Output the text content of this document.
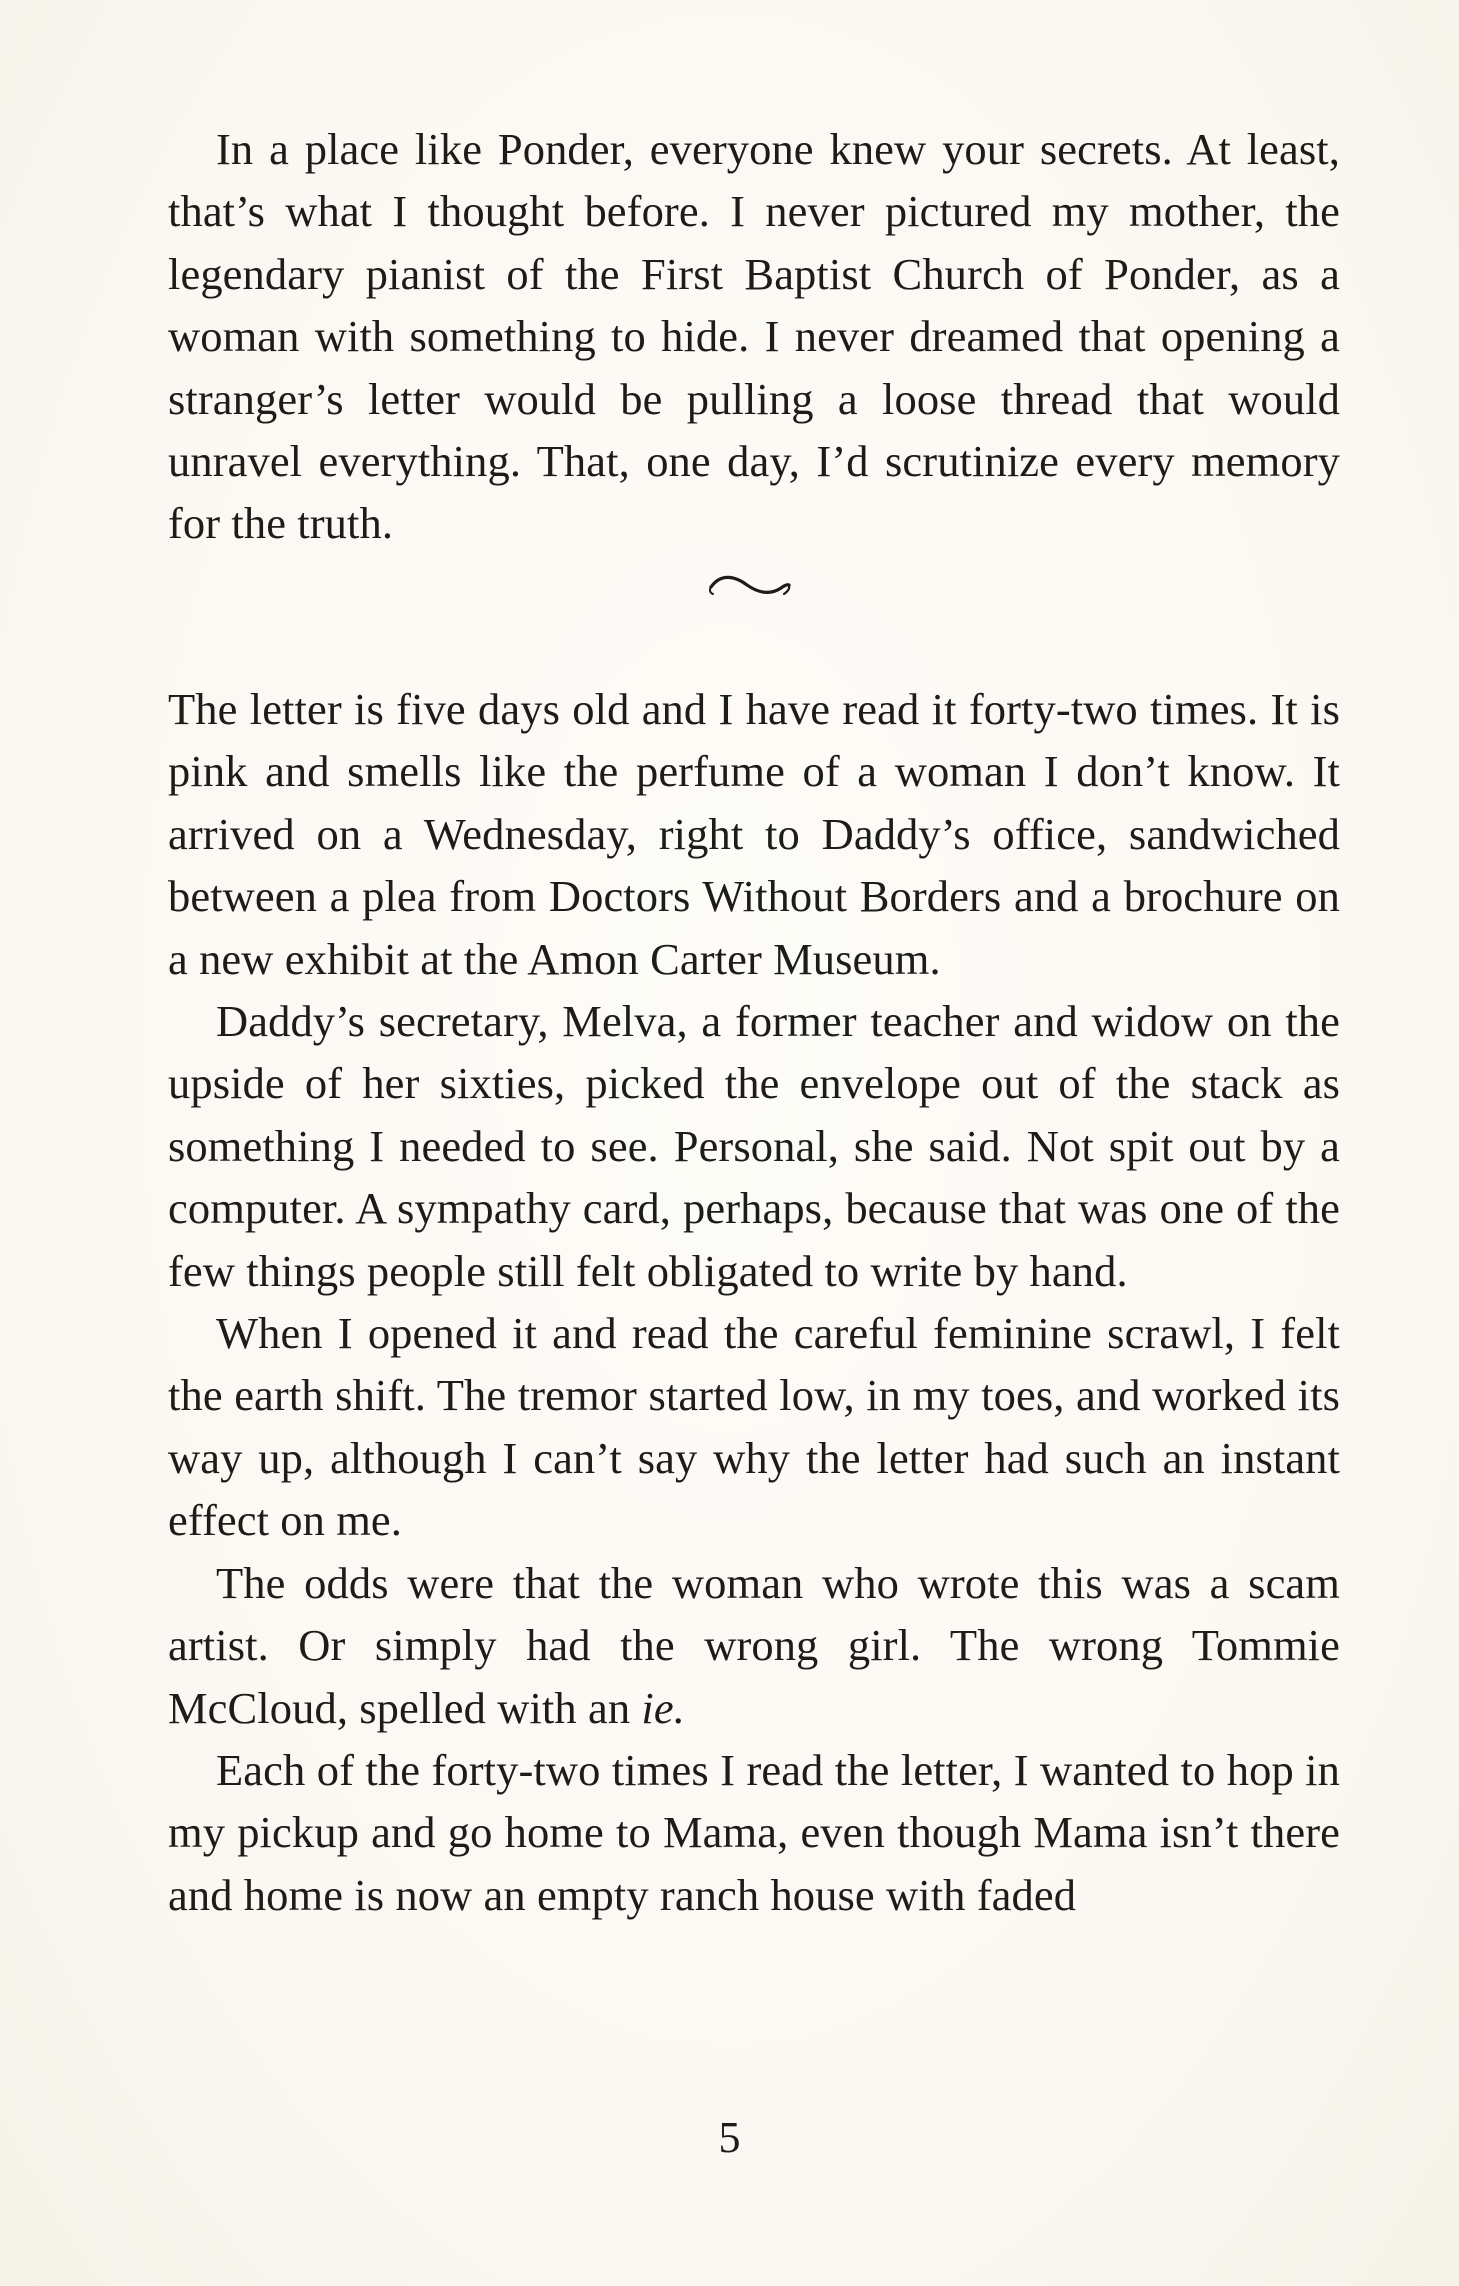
In a place like Ponder, everyone knew your secrets. At least, that’s what I thought before. I never pictured my mother, the legendary pianist of the First Baptist Church of Ponder, as a woman with something to hide. I never dreamed that opening a stranger’s letter would be pulling a loose thread that would unravel everything. That, one day, I’d scrutinize every memory for the truth.

The letter is five days old and I have read it forty-two times. It is pink and smells like the perfume of a woman I don’t know. It arrived on a Wednesday, right to Daddy’s office, sandwiched between a plea from Doctors Without Borders and a brochure on a new exhibit at the Amon Carter Museum.

Daddy’s secretary, Melva, a former teacher and widow on the upside of her sixties, picked the envelope out of the stack as something I needed to see. Personal, she said. Not spit out by a computer. A sympathy card, perhaps, because that was one of the few things people still felt obligated to write by hand.

When I opened it and read the careful feminine scrawl, I felt the earth shift. The tremor started low, in my toes, and worked its way up, although I can’t say why the letter had such an instant effect on me.

The odds were that the woman who wrote this was a scam artist. Or simply had the wrong girl. The wrong Tommie McCloud, spelled with an ie.

Each of the forty-two times I read the letter, I wanted to hop in my pickup and go home to Mama, even though Mama isn’t there and home is now an empty ranch house with faded

5
